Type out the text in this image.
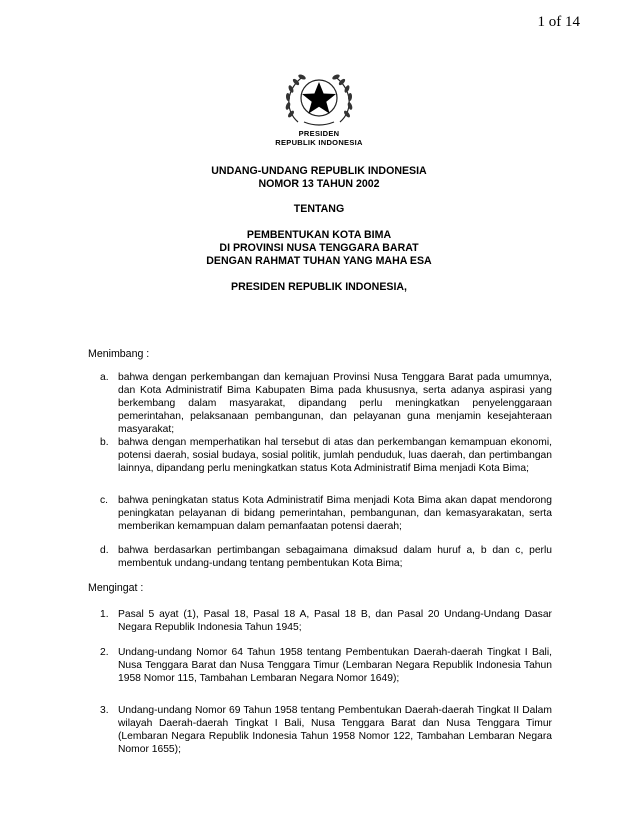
1 of 14
PRESIDEN
REPUBLIK INDONESIA
UNDANG-UNDANG REPUBLIK INDONESIA
NOMOR 13 TAHUN 2002
TENTANG
PEMBENTUKAN KOTA BIMA
DI PROVINSI NUSA TENGGARA BARAT
DENGAN RAHMAT TUHAN YANG MAHA ESA
PRESIDEN REPUBLIK INDONESIA,
Menimbang :
a. bahwa dengan perkembangan dan kemajuan Provinsi Nusa Tenggara Barat pada umumnya, dan Kota Administratif Bima Kabupaten Bima pada khususnya, serta adanya aspirasi yang berkembang dalam masyarakat, dipandang perlu meningkatkan penyelenggaraan pemerintahan, pelaksanaan pembangunan, dan pelayanan guna menjamin kesejahteraan masyarakat;
b. bahwa dengan memperhatikan hal tersebut di atas dan perkembangan kemampuan ekonomi, potensi daerah, sosial budaya, sosial politik, jumlah penduduk, luas daerah, dan pertimbangan lainnya, dipandang perlu meningkatkan status Kota Administratif Bima menjadi Kota Bima;
c. bahwa peningkatan status Kota Administratif Bima menjadi Kota Bima akan dapat mendorong peningkatan pelayanan di bidang pemerintahan, pembangunan, dan kemasyarakatan, serta memberikan kemampuan dalam pemanfaatan potensi daerah;
d. bahwa berdasarkan pertimbangan sebagaimana dimaksud dalam huruf a, b dan c, perlu membentuk undang-undang tentang pembentukan Kota Bima;
Mengingat :
1. Pasal 5 ayat (1), Pasal 18, Pasal 18 A, Pasal 18 B, dan Pasal 20 Undang-Undang Dasar Negara Republik Indonesia Tahun 1945;
2. Undang-undang Nomor 64 Tahun 1958 tentang Pembentukan Daerah-daerah Tingkat I Bali, Nusa Tenggara Barat dan Nusa Tenggara Timur (Lembaran Negara Republik Indonesia Tahun 1958 Nomor 115, Tambahan Lembaran Negara Nomor 1649);
3. Undang-undang Nomor 69 Tahun 1958 tentang Pembentukan Daerah-daerah Tingkat II Dalam wilayah Daerah-daerah Tingkat I Bali, Nusa Tenggara Barat dan Nusa Tenggara Timur (Lembaran Negara Republik Indonesia Tahun 1958 Nomor 122, Tambahan Lembaran Negara Nomor 1655);
